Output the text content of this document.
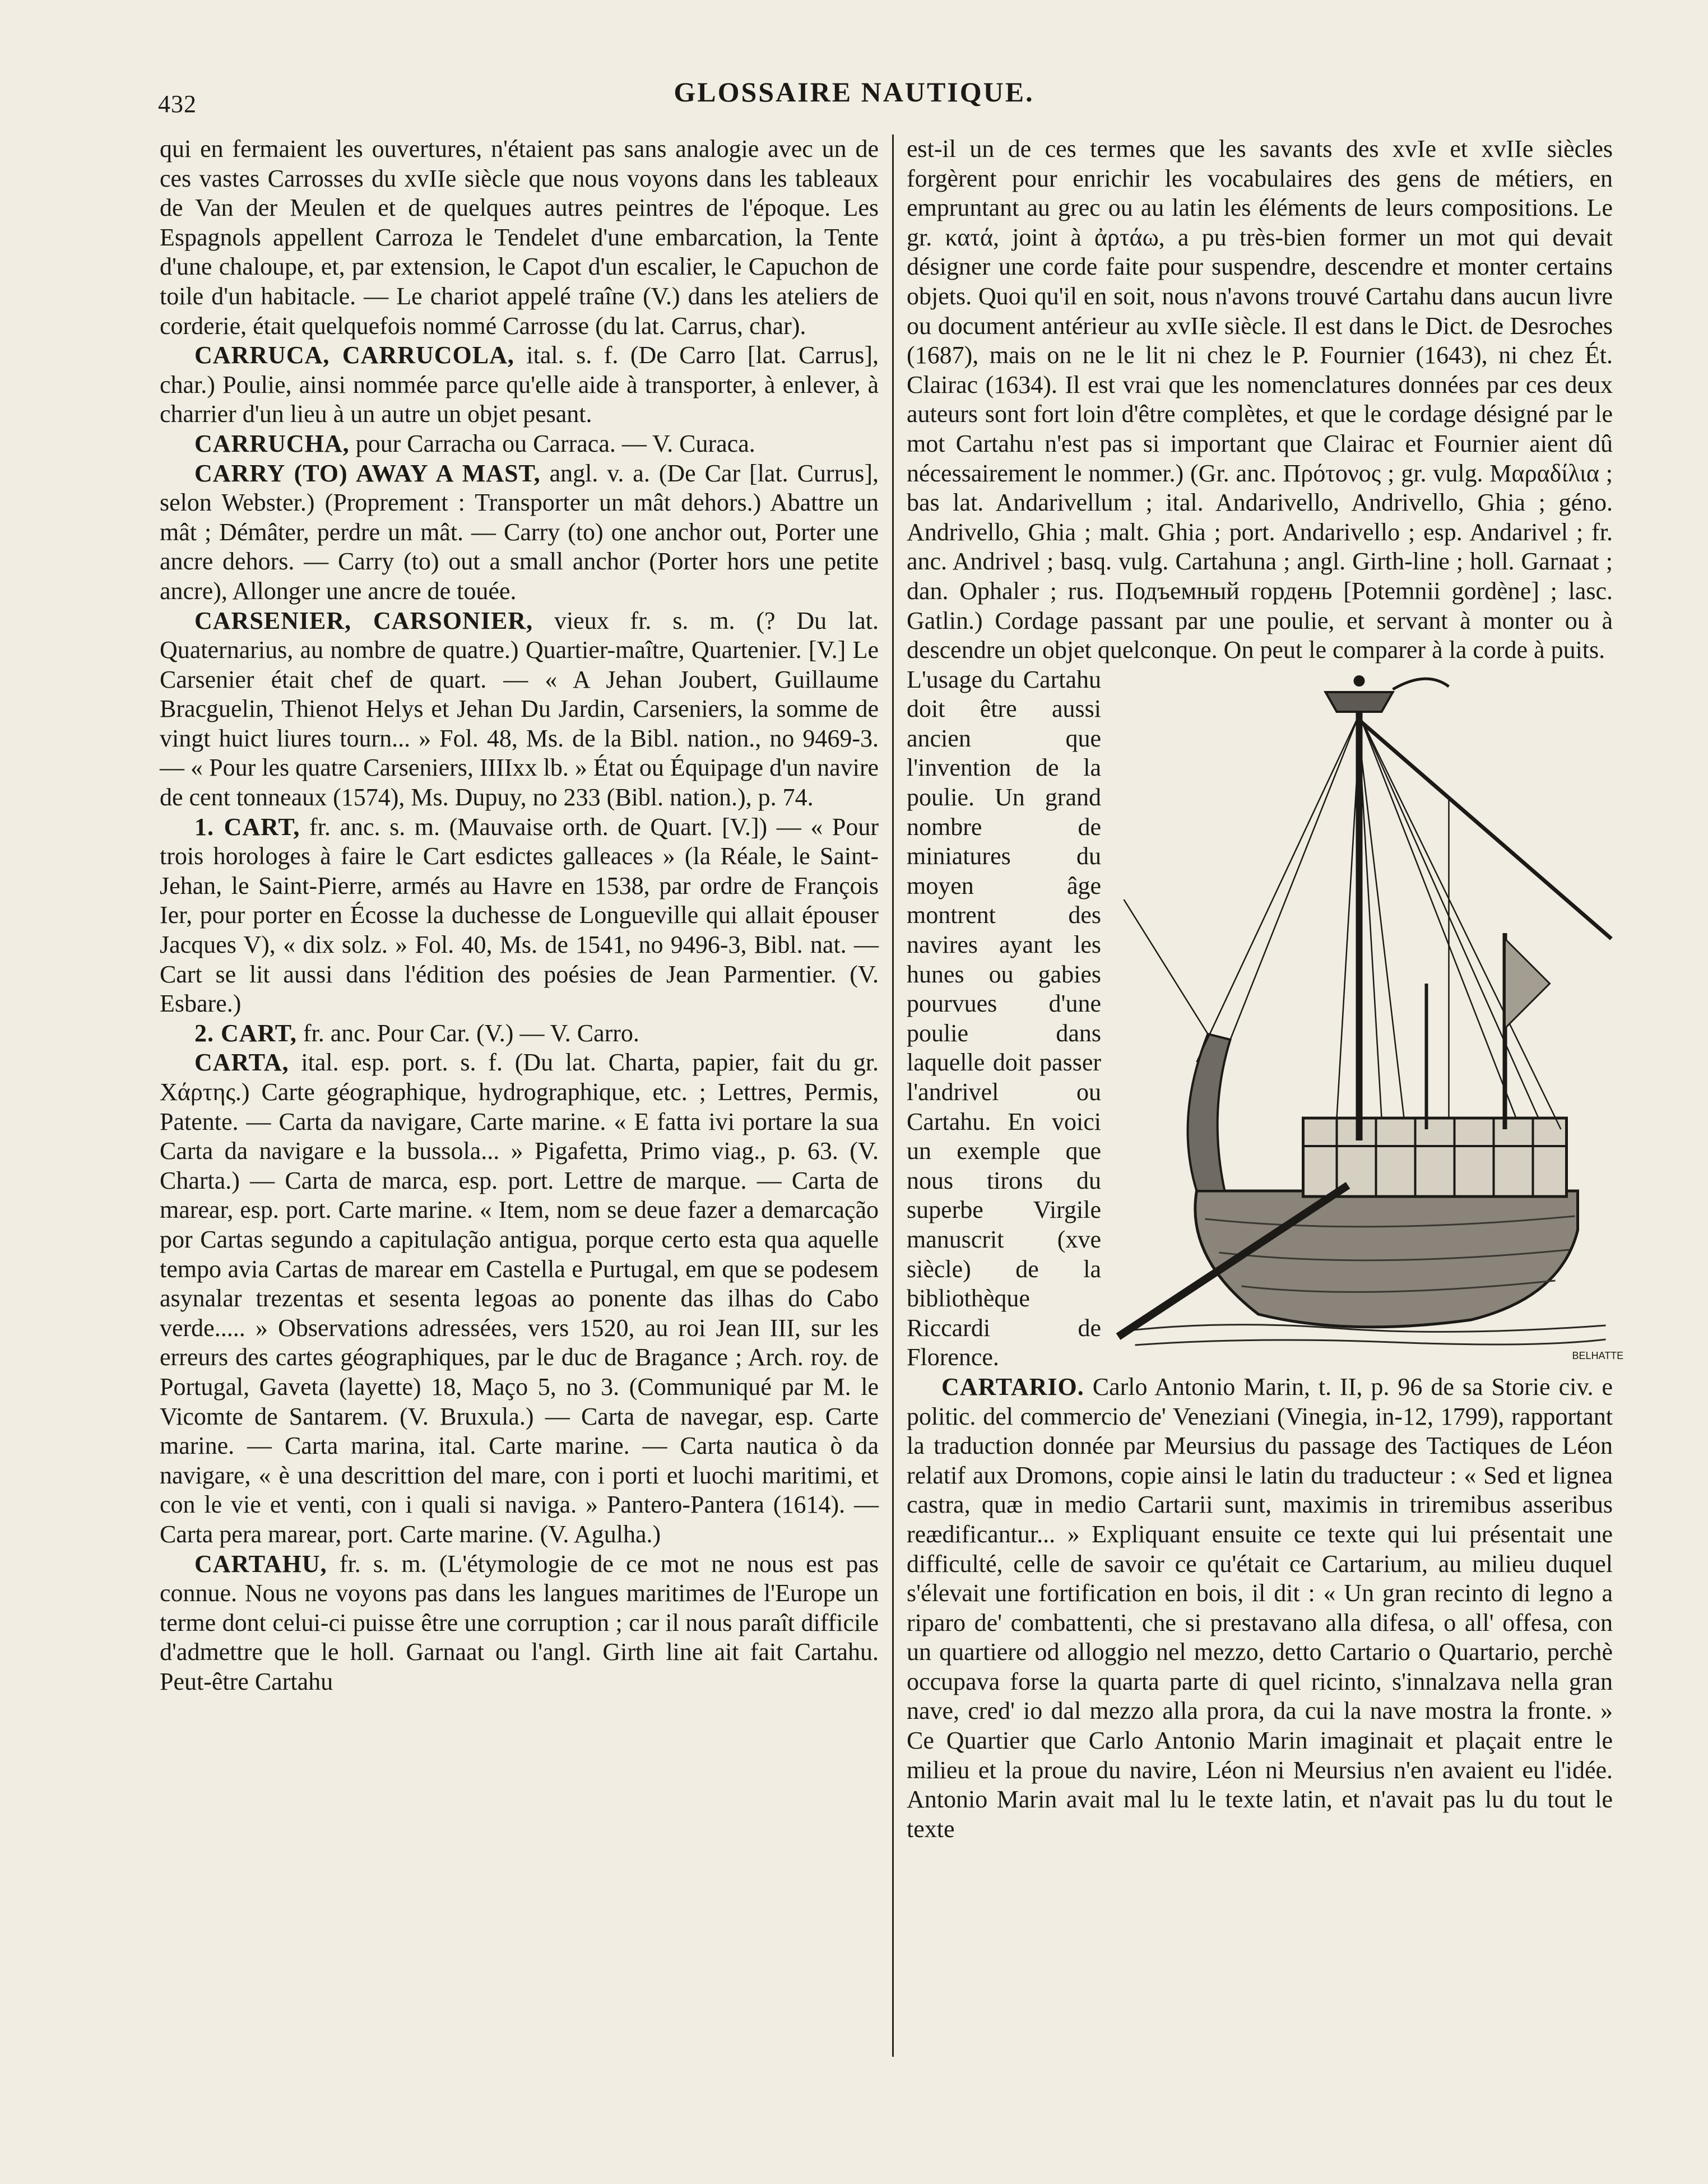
432	GLOSSAIRE NAUTIQUE.

qui en fermaient les ouvertures, n'étaient pas sans analogie avec un de ces vastes Carrosses du xvIIe siècle que nous voyons dans les tableaux de Van der Meulen et de quelques autres peintres de l'époque. Les Espagnols appellent Carroza le Tendelet d'une embarcation, la Tente d'une chaloupe, et, par extension, le Capot d'un escalier, le Capuchon de toile d'un habitacle. — Le chariot appelé traîne (V.) dans les ateliers de corderie, était quelquefois nommé Carrosse (du lat. Carrus, char).

CARRUCA, CARRUCOLA, ital. s. f. (De Carro [lat. Carrus], char.) Poulie, ainsi nommée parce qu'elle aide à transporter, à enlever, à charrier d'un lieu à un autre un objet pesant.

CARRUCHA, pour Carracha ou Carraca. — V. Curaca.

CARRY (TO) AWAY A MAST, angl. v. a. (De Car [lat. Currus], selon Webster.) (Proprement : Transporter un mât dehors.) Abattre un mât ; Démâter, perdre un mât. — Carry (to) one anchor out, Porter une ancre dehors. — Carry (to) out a small anchor (Porter hors une petite ancre), Allonger une ancre de touée.

CARSENIER, CARSONIER, vieux fr. s. m. (? Du lat. Quaternarius, au nombre de quatre.) Quartier-maître, Quartenier. [V.] Le Carsenier était chef de quart. — « A Jehan Joubert, Guillaume Bracguelin, Thienot Helys et Jehan Du Jardin, Carseniers, la somme de vingt huict liures tourn... » Fol. 48, Ms. de la Bibl. nation., no 9469-3. — « Pour les quatre Carseniers, IIIIxx lb. » État ou Équipage d'un navire de cent tonneaux (1574), Ms. Dupuy, no 233 (Bibl. nation.), p. 74.

1. CART, fr. anc. s. m. (Mauvaise orth. de Quart. [V.]) — « Pour trois horologes à faire le Cart esdictes galleaces » (la Réale, le Saint-Jehan, le Saint-Pierre, armés au Havre en 1538, par ordre de François Ier, pour porter en Écosse la duchesse de Longueville qui allait épouser Jacques V), « dix solz. » Fol. 40, Ms. de 1541, no 9496-3, Bibl. nat. — Cart se lit aussi dans l'édition des poésies de Jean Parmentier. (V. Esbare.)

2. CART, fr. anc. Pour Car. (V.) — V. Carro.

CARTA, ital. esp. port. s. f. (Du lat. Charta, papier, fait du gr. Χάρτης.) Carte géographique, hydrographique, etc. ; Lettres, Permis, Patente. — Carta da navigare, Carte marine. « E fatta ivi portare la sua Carta da navigare e la bussola... » Pigafetta, Primo viag., p. 63. (V. Charta.) — Carta de marca, esp. port. Lettre de marque. — Carta de marear, esp. port. Carte marine. « Item, nom se deue fazer a demarcação por Cartas segundo a capitulação antigua, porque certo esta qua aquelle tempo avia Cartas de marear em Castella e Purtugal, em que se podesem asynalar trezentas et sesenta legoas ao ponente das ilhas do Cabo verde..... » Observations adressées, vers 1520, au roi Jean III, sur les erreurs des cartes géographiques, par le duc de Bragance ; Arch. roy. de Portugal, Gaveta (layette) 18, Maço 5, no 3. (Communiqué par M. le Vicomte de Santarem. (V. Bruxula.) — Carta de navegar, esp. Carte marine. — Carta marina, ital. Carte marine. — Carta nautica ò da navigare, « è una descrittion del mare, con i porti et luochi maritimi, et con le vie et venti, con i quali si naviga. » Pantero-Pantera (1614). — Carta pera marear, port. Carte marine. (V. Agulha.)

CARTAHU, fr. s. m. (L'étymologie de ce mot ne nous est pas connue. Nous ne voyons pas dans les langues maritimes de l'Europe un terme dont celui-ci puisse être une corruption ; car il nous paraît difficile d'admettre que le holl. Garnaat ou l'angl. Girth line ait fait Cartahu. Peut-être Cartahu

est-il un de ces termes que les savants des xvIe et xvIIe siècles forgèrent pour enrichir les vocabulaires des gens de métiers, en empruntant au grec ou au latin les éléments de leurs compositions. Le gr. κατά, joint à ἀρτάω, a pu très-bien former un mot qui devait désigner une corde faite pour suspendre, descendre et monter certains objets. Quoi qu'il en soit, nous n'avons trouvé Cartahu dans aucun livre ou document antérieur au xvIIe siècle. Il est dans le Dict. de Desroches (1687), mais on ne le lit ni chez le P. Fournier (1643), ni chez Ét. Clairac (1634). Il est vrai que les nomenclatures données par ces deux auteurs sont fort loin d'être complètes, et que le cordage désigné par le mot Cartahu n'est pas si important que Clairac et Fournier aient dû nécessairement le nommer.) (Gr. anc. Πρότονος ; gr. vulg. Μαραδίλια ; bas lat. Andarivellum ; ital. Andarivello, Andrivello, Ghia ; géno. Andrivello, Ghia ; malt. Ghia ; port. Andarivello ; esp. Andarivel ; fr. anc. Andrivel ; basq. vulg. Cartahuna ; angl. Girth-line ; holl. Garnaat ; dan. Ophaler ; rus. Подъемный гордень [Potemnii gordène] ; lasc. Gatlin.) Cordage passant par une poulie, et servant à monter ou à descendre un objet quelconque. On peut le comparer à la corde à puits.

BELHATTE

L'usage du Cartahu doit être aussi ancien que l'invention de la poulie. Un grand nombre de miniatures du moyen âge montrent des navires ayant les hunes ou gabies pourvues d'une poulie dans laquelle doit passer l'andrivel ou Cartahu. En voici un exemple que nous tirons du superbe Virgile manuscrit (xve siècle) de la bibliothèque Riccardi de Florence.

CARTARIO. Carlo Antonio Marin, t. II, p. 96 de sa Storie civ. e politic. del commercio de' Veneziani (Vinegia, in-12, 1799), rapportant la traduction donnée par Meursius du passage des Tactiques de Léon relatif aux Dromons, copie ainsi le latin du traducteur : « Sed et lignea castra, quæ in medio Cartarii sunt, maximis in triremibus asseribus reædificantur... » Expliquant ensuite ce texte qui lui présentait une difficulté, celle de savoir ce qu'était ce Cartarium, au milieu duquel s'élevait une fortification en bois, il dit : « Un gran recinto di legno a riparo de' combattenti, che si prestavano alla difesa, o all' offesa, con un quartiere od alloggio nel mezzo, detto Cartario o Quartario, perchè occupava forse la quarta parte di quel ricinto, s'innalzava nella gran nave, cred' io dal mezzo alla prora, da cui la nave mostra la fronte. » Ce Quartier que Carlo Antonio Marin imaginait et plaçait entre le milieu et la proue du navire, Léon ni Meursius n'en avaient eu l'idée. Antonio Marin avait mal lu le texte latin, et n'avait pas lu du tout le texte
